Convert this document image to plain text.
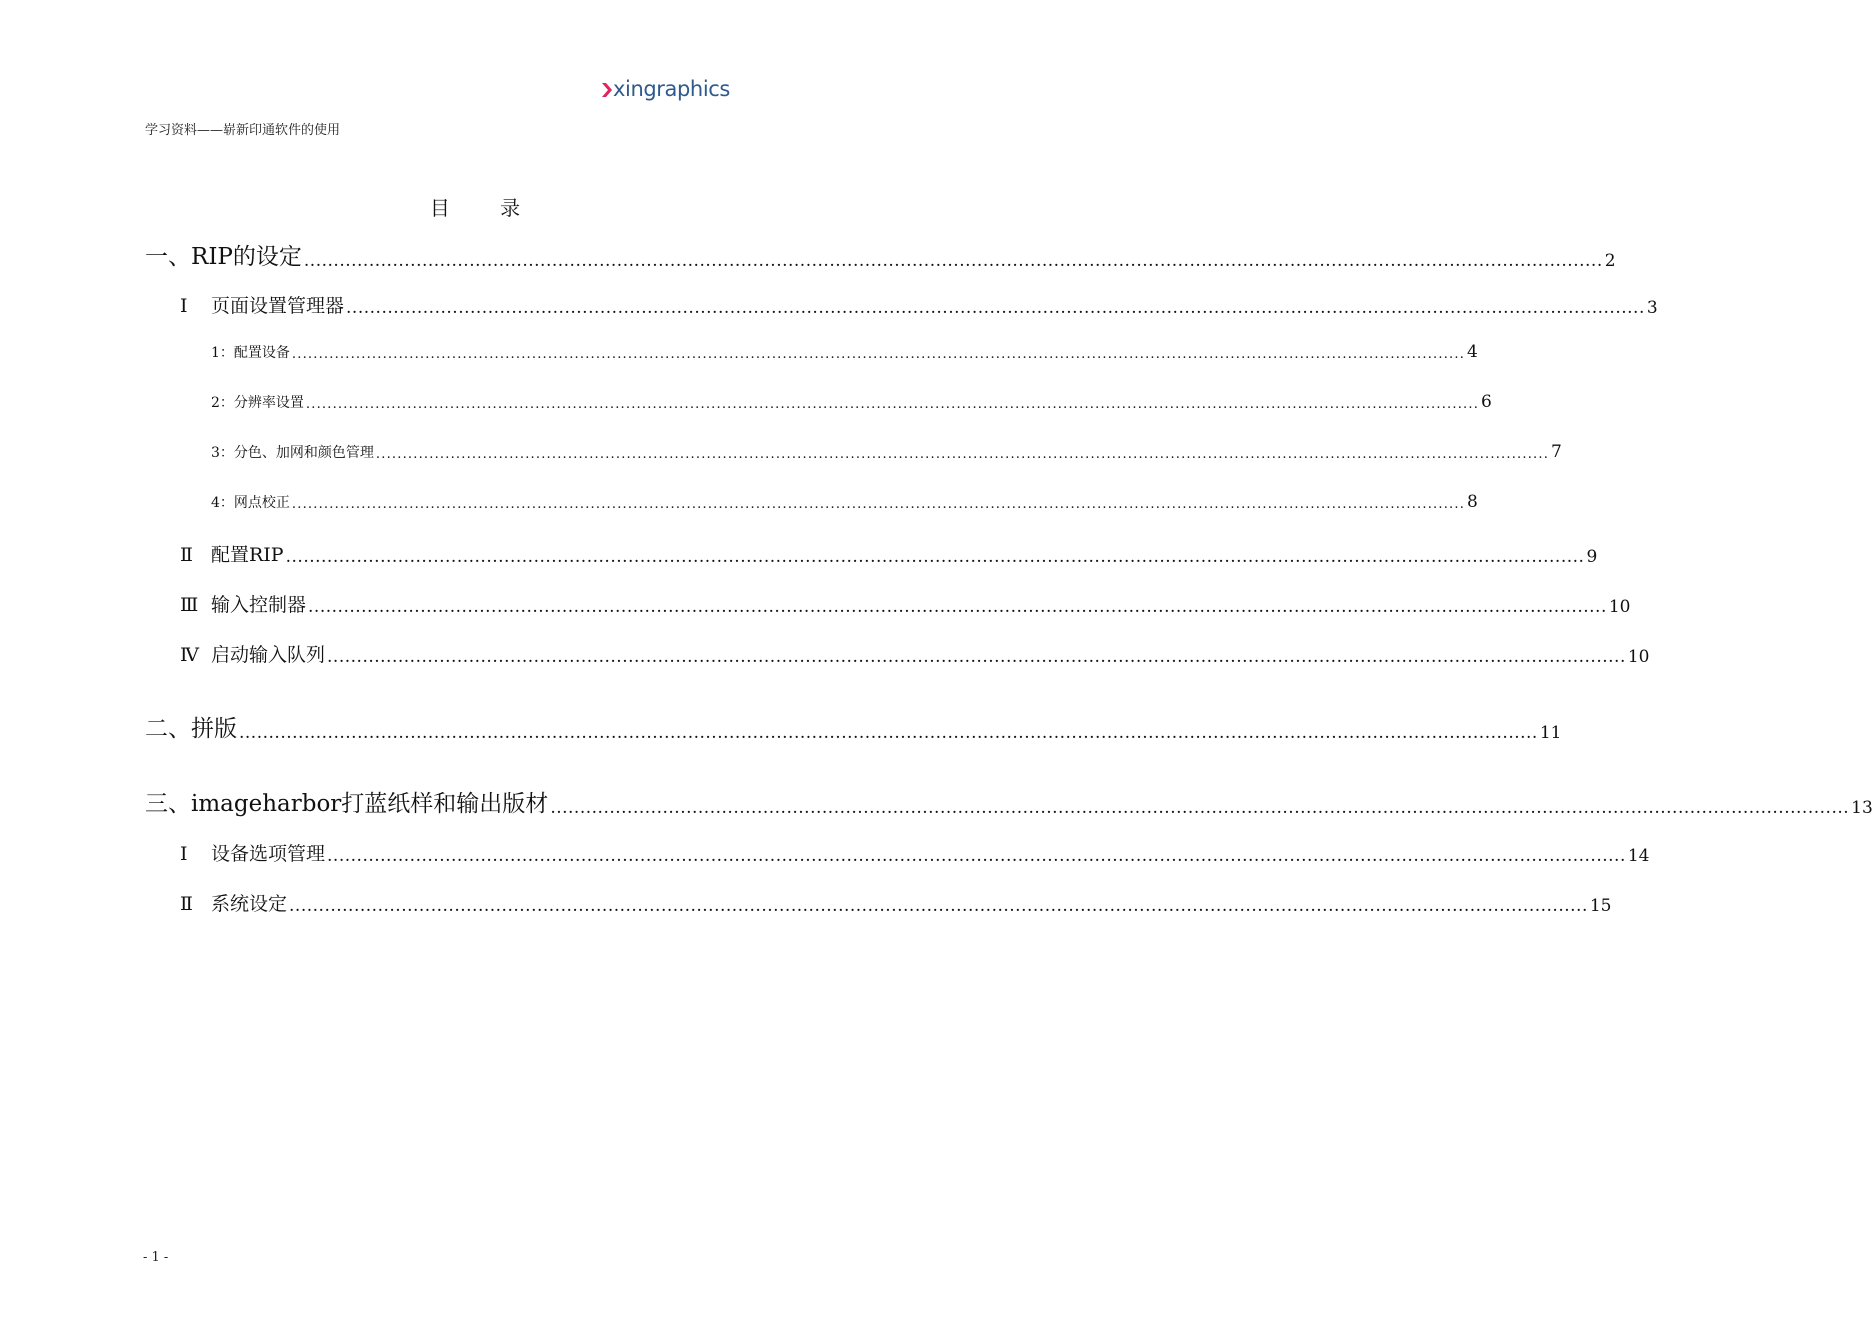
xingraphics
学习资料——崭新印通软件的使用
目 录
一、RIP的设定 ............................................................................................................................................................................................................................ 2
Ⅰ 页面设置管理器 ............................................................................................................................................................................................................................ 3
1：配置设备 ............................................................................................................................................................................................................................ 4
2：分辨率设置 ............................................................................................................................................................................................................................ 6
3：分色、加网和颜色管理 ............................................................................................................................................................................................................................ 7
4：网点校正 ............................................................................................................................................................................................................................ 8
Ⅱ 配置RIP ............................................................................................................................................................................................................................ 9
Ⅲ 输入控制器 ............................................................................................................................................................................................................................ 10
Ⅳ 启动输入队列 ............................................................................................................................................................................................................................ 10
二、拼版 ............................................................................................................................................................................................................................ 11
三、imageharbor打蓝纸样和输出版材 ............................................................................................................................................................................................................................ 13
Ⅰ 设备选项管理 ............................................................................................................................................................................................................................ 14
Ⅱ 系统设定 ............................................................................................................................................................................................................................ 15
- 1 -
